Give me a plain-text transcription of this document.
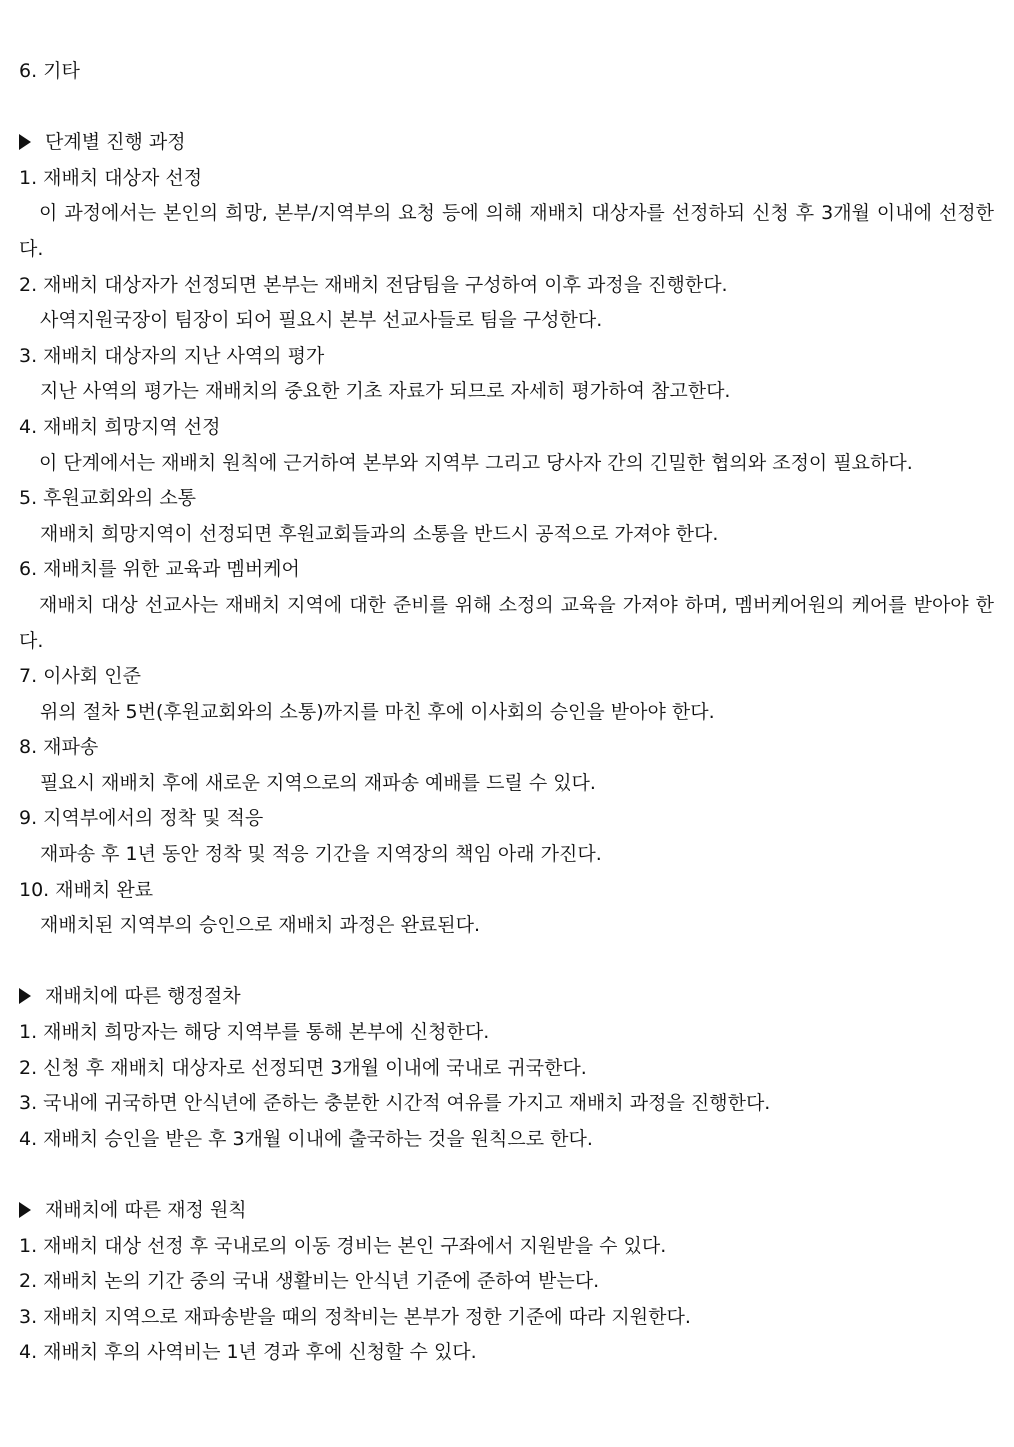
6. 기타

단계별 진행 과정

1. 재배치 대상자 선정

이 과정에서는 본인의 희망, 본부/지역부의 요청 등에 의해 재배치 대상자를 선정하되 신청 후 3개월 이내에 선정한다.

2. 재배치 대상자가 선정되면 본부는 재배치 전담팀을 구성하여 이후 과정을 진행한다.

사역지원국장이 팀장이 되어 필요시 본부 선교사들로 팀을 구성한다.

3. 재배치 대상자의 지난 사역의 평가

지난 사역의 평가는 재배치의 중요한 기초 자료가 되므로 자세히 평가하여 참고한다.

4. 재배치 희망지역 선정

이 단계에서는 재배치 원칙에 근거하여 본부와 지역부 그리고 당사자 간의 긴밀한 협의와 조정이 필요하다.

5. 후원교회와의 소통

재배치 희망지역이 선정되면 후원교회들과의 소통을 반드시 공적으로 가져야 한다.

6. 재배치를 위한 교육과 멤버케어

재배치 대상 선교사는 재배치 지역에 대한 준비를 위해 소정의 교육을 가져야 하며, 멤버케어원의 케어를 받아야 한다.

7. 이사회 인준

위의 절차 5번(후원교회와의 소통)까지를 마친 후에 이사회의 승인을 받아야 한다.

8. 재파송

필요시 재배치 후에 새로운 지역으로의 재파송 예배를 드릴 수 있다.

9. 지역부에서의 정착 및 적응

재파송 후 1년 동안 정착 및 적응 기간을 지역장의 책임 아래 가진다.

10. 재배치 완료

재배치된 지역부의 승인으로 재배치 과정은 완료된다.

재배치에 따른 행정절차

1. 재배치 희망자는 해당 지역부를 통해 본부에 신청한다.

2. 신청 후 재배치 대상자로 선정되면 3개월 이내에 국내로 귀국한다.

3. 국내에 귀국하면 안식년에 준하는 충분한 시간적 여유를 가지고 재배치 과정을 진행한다.

4. 재배치 승인을 받은 후 3개월 이내에 출국하는 것을 원칙으로 한다.

재배치에 따른 재정 원칙

1. 재배치 대상 선정 후 국내로의 이동 경비는 본인 구좌에서 지원받을 수 있다.

2. 재배치 논의 기간 중의 국내 생활비는 안식년 기준에 준하여 받는다.

3. 재배치 지역으로 재파송받을 때의 정착비는 본부가 정한 기준에 따라 지원한다.

4. 재배치 후의 사역비는 1년 경과 후에 신청할 수 있다.
